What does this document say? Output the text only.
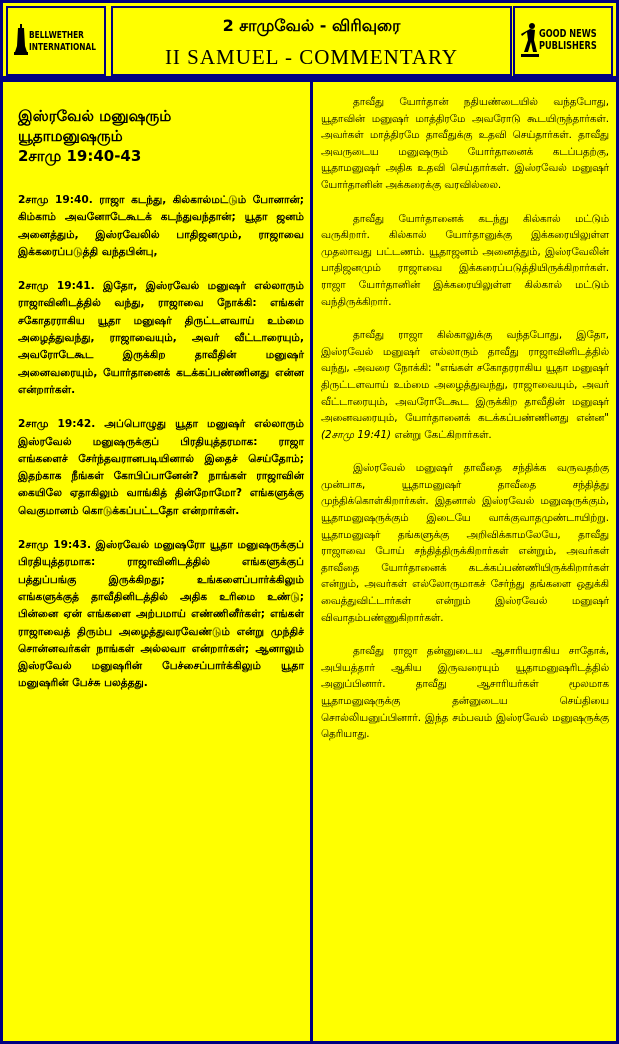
BELLWETHER
INTERNATIONAL
2 சாமுவேல் - விரிவுரை
II SAMUEL - COMMENTARY
GOOD NEWS
PUBLISHERS
இஸ்ரவேல் மனுஷரும்
யூதாமனுஷரும்
2சாமு 19:40-43

2சாமு 19:40. ராஜா கடந்து, கில்கால்மட்டும் போனான்; கிம்காம் அவனோடேகூடக் கடந்துவந்தான்; யூதா ஜனம் அனைத்தும், இஸ்ரவேலில் பாதிஜனமும், ராஜாவை இக்கரைப்படுத்தி வந்தபின்பு,

2சாமு 19:41. இதோ, இஸ்ரவேல் மனுஷர் எல்லாரும் ராஜாவினிடத்தில் வந்து, ராஜாவை நோக்கி: எங்கள் சகோதரராகிய யூதா மனுஷர் திருட்டளவாய் உம்மை அழைத்துவந்து, ராஜாவையும், அவர் வீட்டாரையும், அவரோடேகூட இருக்கிற தாவீதின் மனுஷர் அனைவரையும், யோர்தானைக் கடக்கப்பண்ணினது என்ன என்றார்கள்.

2சாமு 19:42. அப்பொழுது யூதா மனுஷர் எல்லாரும் இஸ்ரவேல் மனுஷருக்குப் பிரதியுத்தரமாக: ராஜா எங்களைச் சேர்ந்தவரானபடியினால் இதைச் செய்தோம்; இதற்காக நீங்கள் கோபிப்பானேன்? நாங்கள் ராஜாவின் கையிலே ஏதாகிலும் வாங்கித் தின்றோமோ? எங்களுக்கு வெகுமானம் கொடுக்கப்பட்டதோ என்றார்கள்.

2சாமு 19:43. இஸ்ரவேல் மனுஷரோ யூதா மனுஷருக்குப் பிரதியுத்தரமாக: ராஜாவினிடத்தில் எங்களுக்குப் பத்துப்பங்கு இருக்கிறது; உங்களைப்பார்க்கிலும் எங்களுக்குத் தாவீதினிடத்தில் அதிக உரிமை உண்டு; பின்னை ஏன் எங்களை அற்பமாய் எண்ணினீர்கள்; எங்கள் ராஜாவைத் திரும்ப அழைத்துவரவேண்டும் என்று முந்திச் சொன்னவர்கள் நாங்கள் அல்லவா என்றார்கள்; ஆனாலும் இஸ்ரவேல் மனுஷரின் பேச்சைப்பார்க்கிலும் யூதா மனுஷரின் பேச்சு பலத்தது.

தாவீது யோர்தான் நதியண்டையில் வந்தபோது, யூதாவின் மனுஷர் மாத்திரமே அவரோடு கூடயிருந்தார்கள். அவர்கள் மாத்திரமே தாவீதுக்கு உதவி செய்தார்கள். தாவீது அவருடைய மனுஷரும் யோர்தானைக் கடப்பதற்கு, யூதாமனுஷர் அதிக உதவி செய்தார்கள். இஸ்ரவேல் மனுஷர் யோர்தானின் அக்கரைக்கு வரவில்லை.

தாவீது யோர்தானைக் கடந்து கில்கால் மட்டும் வருகிறார். கில்கால் யோர்தானுக்கு இக்கரையிலுள்ள முதலாவது பட்டணம். யூதாஜனம் அனைத்தும், இஸ்ரவேலின் பாதிஜனமும் ராஜாவை இக்கரைப்படுத்தியிருக்கிறார்கள். ராஜா யோர்தானின் இக்கரையிலுள்ள கில்கால் மட்டும் வந்திருக்கிறார்.

தாவீது ராஜா கில்காலுக்கு வந்தபோது, இதோ, இஸ்ரவேல் மனுஷர் எல்லாரும் தாவீது ராஜாவினிடத்தில் வந்து, அவரை நோக்கி: "எங்கள் சகோதரராகிய யூதா மனுஷர் திருட்டளவாய் உம்மை அழைத்துவந்து, ராஜாவையும், அவர் வீட்டாரையும், அவரோடேகூட இருக்கிற தாவீதின் மனுஷர் அனைவரையும், யோர்தானைக் கடக்கப்பண்ணினது என்ன" (2சாமு 19:41) என்று கேட்கிறார்கள்.

இஸ்ரவேல் மனுஷர் தாவீதை சந்திக்க வருவதற்கு முன்பாக, யூதாமனுஷர் தாவீதை சந்தித்து முந்திக்கொள்கிறார்கள். இதனால் இஸ்ரவேல் மனுஷருக்கும், யூதாமனுஷருக்கும் இடையே வாக்குவாதமுண்டாயிற்று. யூதாமனுஷர் தங்களுக்கு அறிவிக்காமலேயே, தாவீது ராஜாவை போய் சந்தித்திருக்கிறார்கள் என்றும், அவர்கள் தாவீதை யோர்தானைக் கடக்கப்பண்ணியிருக்கிறார்கள் என்றும், அவர்கள் எல்லோருமாகச் சேர்ந்து தங்களை ஒதுக்கி வைத்துவிட்டார்கள் என்றும் இஸ்ரவேல் மனுஷர் விவாதம்பண்ணுகிறார்கள்.

தாவீது ராஜா தன்னுடைய ஆசாரியராகிய சாதோக், அபியத்தார் ஆகிய இருவரையும் யூதாமனுஷரிடத்தில் அனுப்பினார். தாவீது ஆசாரியர்கள் மூலமாக யூதாமனுஷருக்கு தன்னுடைய செய்தியை சொல்லியனுப்பினார். இந்த சம்பவம் இஸ்ரவேல் மனுஷருக்கு தெரியாது.
